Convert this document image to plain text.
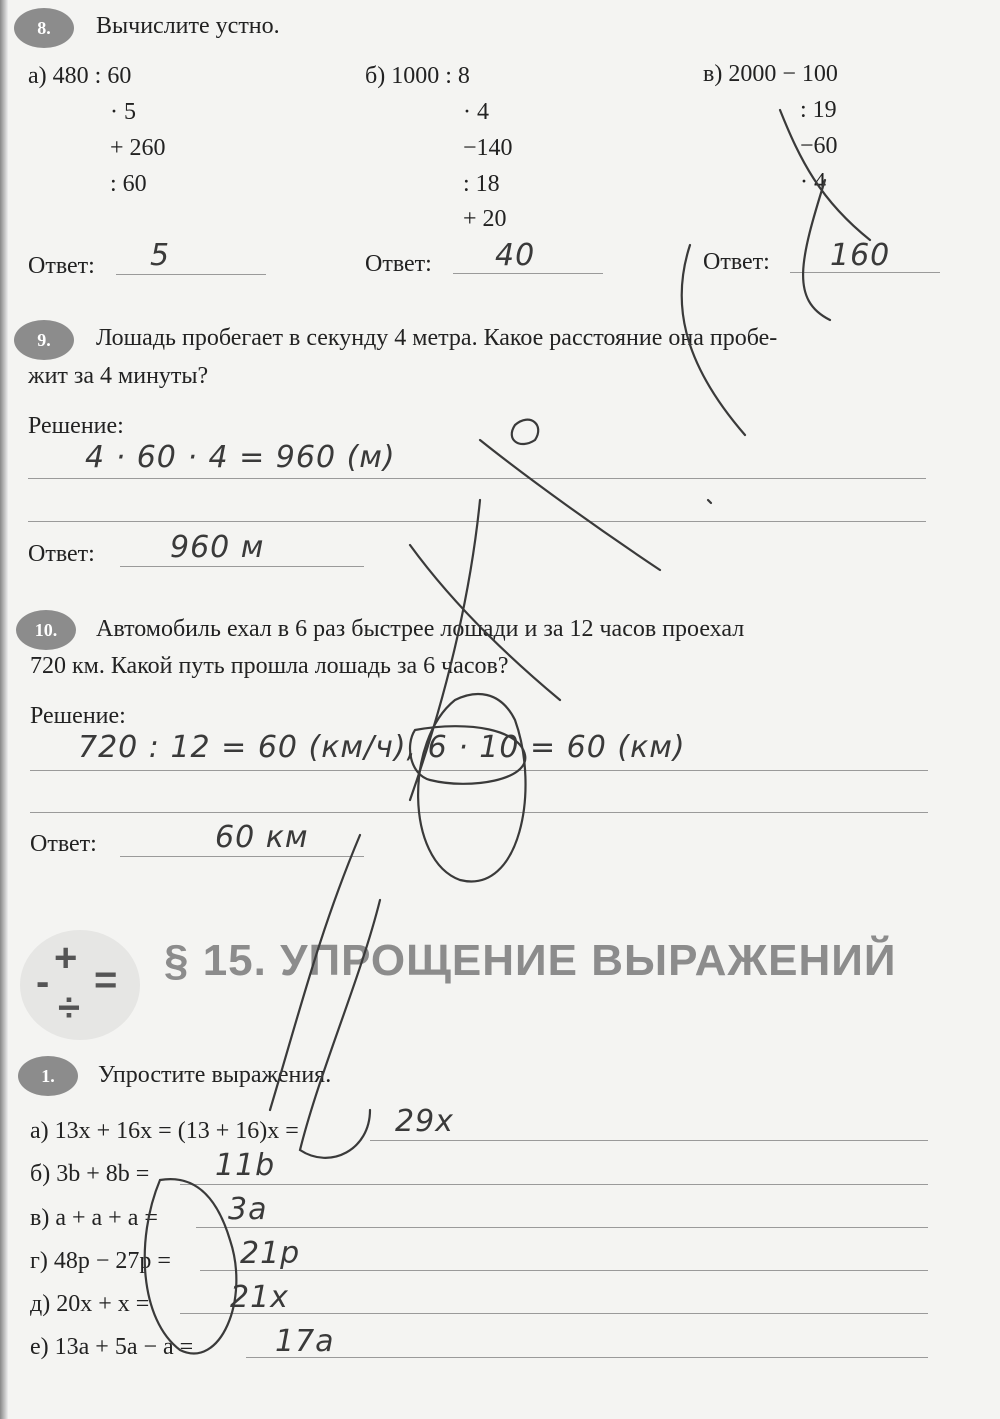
8.	Вычислите устно.
а) 480 : 60
· 5
+ 260
: 60
б) 1000 : 8
· 4
−140
: 18
+ 20
в) 2000 − 100
: 19
−60
· 4
Ответ: 5	Ответ: 40	Ответ: 160
9.	Лошадь пробегает в секунду 4 метра. Какое расстояние она пробе-
жит за 4 минуты?
Решение:
4 · 60 · 4 = 960 (м)
Ответ:	960 м
10.	Автомобиль ехал в 6 раз быстрее лошади и за 12 часов проехал
720 км. Какой путь прошла лошадь за 6 часов?
Решение:
720 : 12 = 60 (км/ч), 6 · 10 = 60 (км)
Ответ:	60 км
-
+ =
÷
§ 15. УПРОЩЕНИЕ ВЫРАЖЕНИЙ
1.	Упростите выражения.
а) 13x + 16x = (13 + 16)x =	29x
б) 3b + 8b = 11b
в) a + a + a = 3a
г) 48p − 27p = 21p
д) 20x + x =	21x
е) 13a + 5a − a =	17a
